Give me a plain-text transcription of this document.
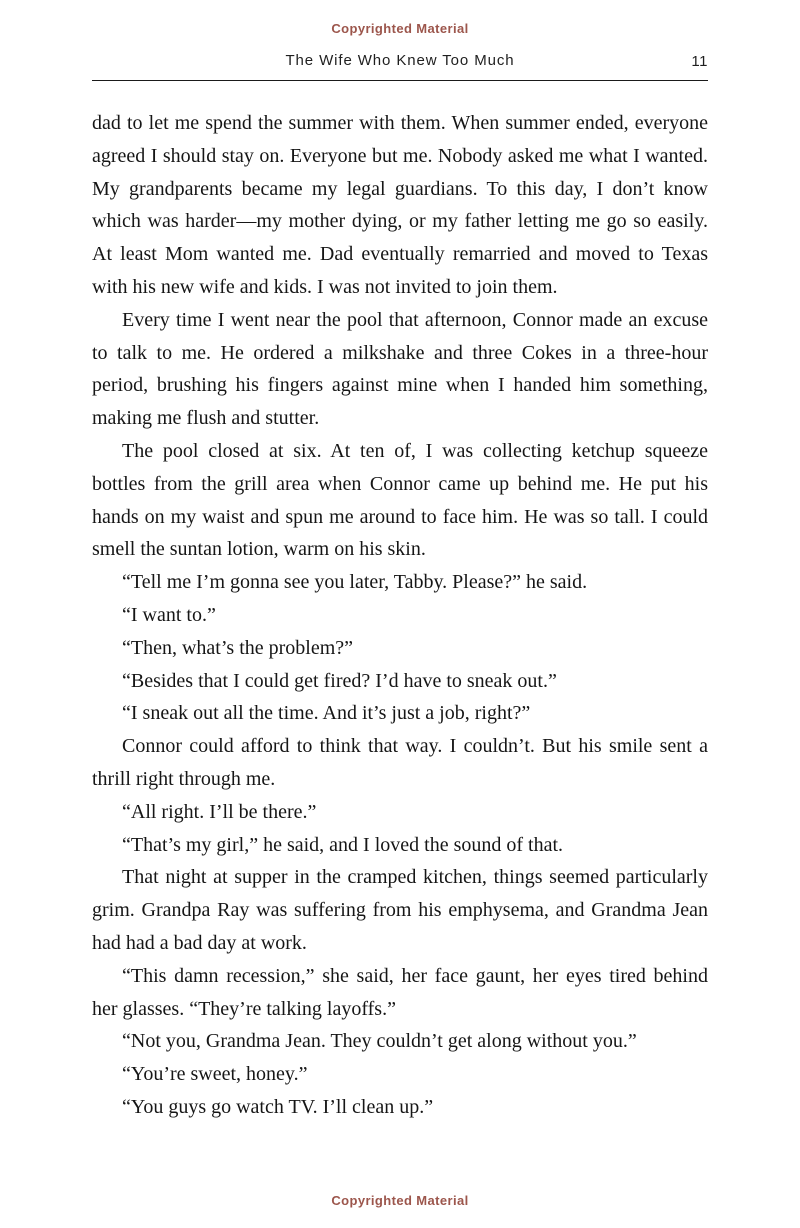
Copyrighted Material
The Wife Who Knew Too Much	11

dad to let me spend the summer with them. When summer ended, everyone agreed I should stay on. Everyone but me. Nobody asked me what I wanted. My grandparents became my legal guardians. To this day, I don’t know which was harder—my mother dying, or my father letting me go so easily. At least Mom wanted me. Dad eventually remarried and moved to Texas with his new wife and kids. I was not invited to join them.

Every time I went near the pool that afternoon, Connor made an excuse to talk to me. He ordered a milkshake and three Cokes in a three-hour period, brushing his fingers against mine when I handed him something, making me flush and stutter.

The pool closed at six. At ten of, I was collecting ketchup squeeze bottles from the grill area when Connor came up behind me. He put his hands on my waist and spun me around to face him. He was so tall. I could smell the suntan lotion, warm on his skin.

“Tell me I’m gonna see you later, Tabby. Please?” he said.

“I want to.”

“Then, what’s the problem?”

“Besides that I could get fired? I’d have to sneak out.”

“I sneak out all the time. And it’s just a job, right?”

Connor could afford to think that way. I couldn’t. But his smile sent a thrill right through me.

“All right. I’ll be there.”

“That’s my girl,” he said, and I loved the sound of that.

That night at supper in the cramped kitchen, things seemed particularly grim. Grandpa Ray was suffering from his emphysema, and Grandma Jean had had a bad day at work.

“This damn recession,” she said, her face gaunt, her eyes tired behind her glasses. “They’re talking layoffs.”

“Not you, Grandma Jean. They couldn’t get along without you.”

“You’re sweet, honey.”

“You guys go watch TV. I’ll clean up.”

Copyrighted Material
